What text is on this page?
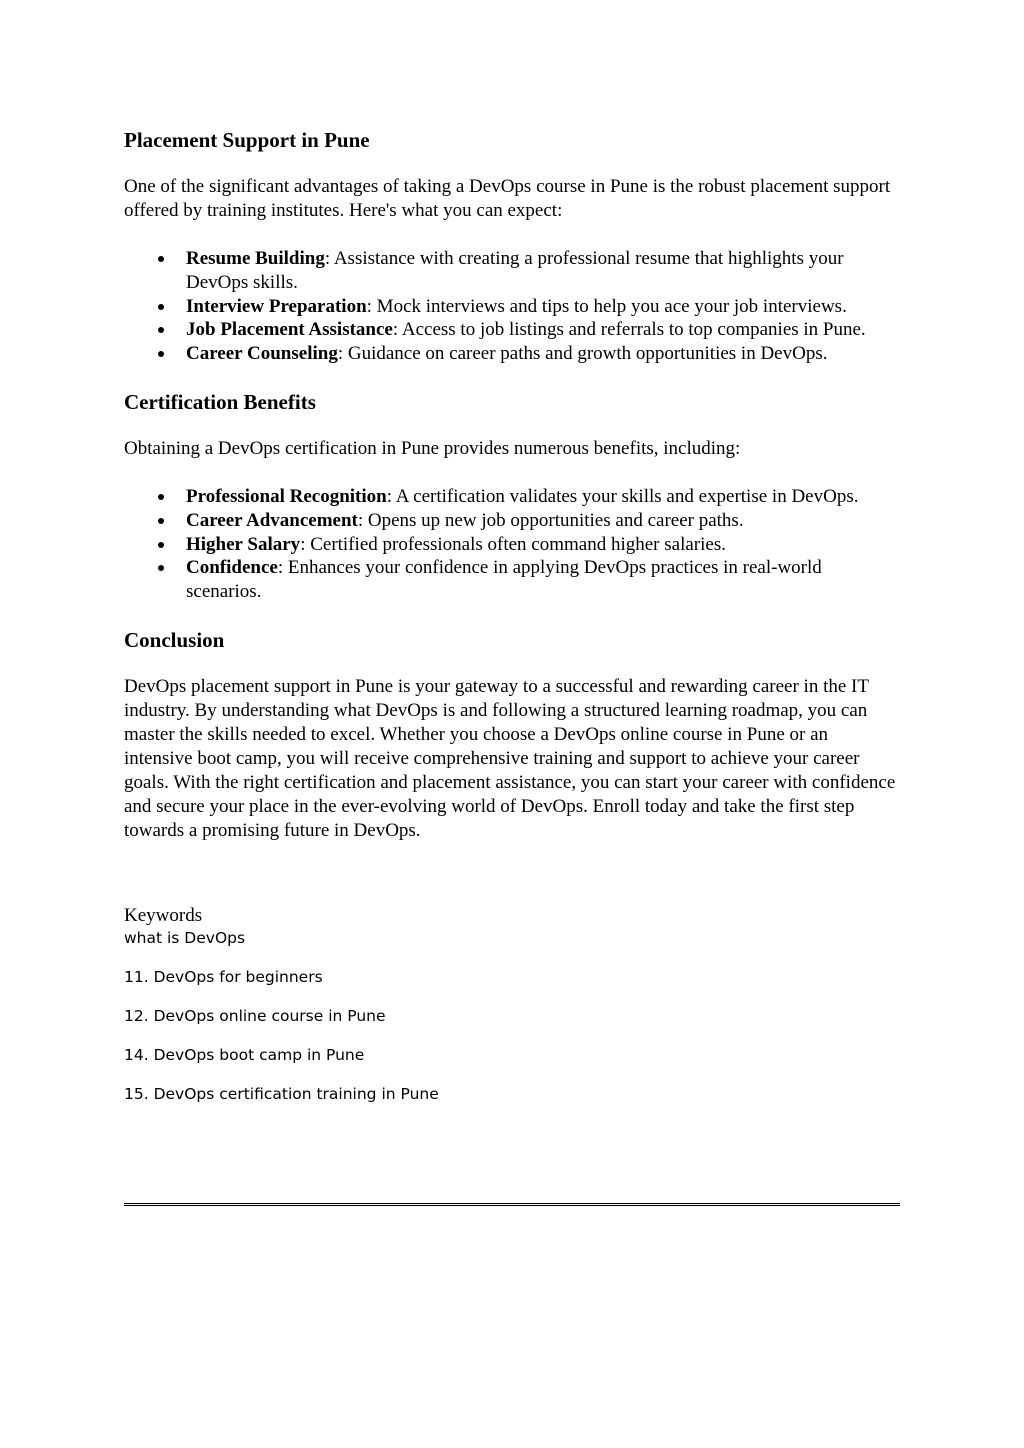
Placement Support in Pune

One of the significant advantages of taking a DevOps course in Pune is the robust placement support offered by training institutes. Here's what you can expect:

Resume Building: Assistance with creating a professional resume that highlights your DevOps skills.
Interview Preparation: Mock interviews and tips to help you ace your job interviews.
Job Placement Assistance: Access to job listings and referrals to top companies in Pune.
Career Counseling: Guidance on career paths and growth opportunities in DevOps.
Certification Benefits

Obtaining a DevOps certification in Pune provides numerous benefits, including:

Professional Recognition: A certification validates your skills and expertise in DevOps.
Career Advancement: Opens up new job opportunities and career paths.
Higher Salary: Certified professionals often command higher salaries.
Confidence: Enhances your confidence in applying DevOps practices in real-world scenarios.
Conclusion

DevOps placement support in Pune is your gateway to a successful and rewarding career in the IT industry. By understanding what DevOps is and following a structured learning roadmap, you can master the skills needed to excel. Whether you choose a DevOps online course in Pune or an intensive boot camp, you will receive comprehensive training and support to achieve your career goals. With the right certification and placement assistance, you can start your career with confidence and secure your place in the ever-evolving world of DevOps. Enroll today and take the first step towards a promising future in DevOps.

Keywords

what is DevOps

11. DevOps for beginners

12. DevOps online course in Pune

14. DevOps boot camp in Pune

15. DevOps certification training in Pune
